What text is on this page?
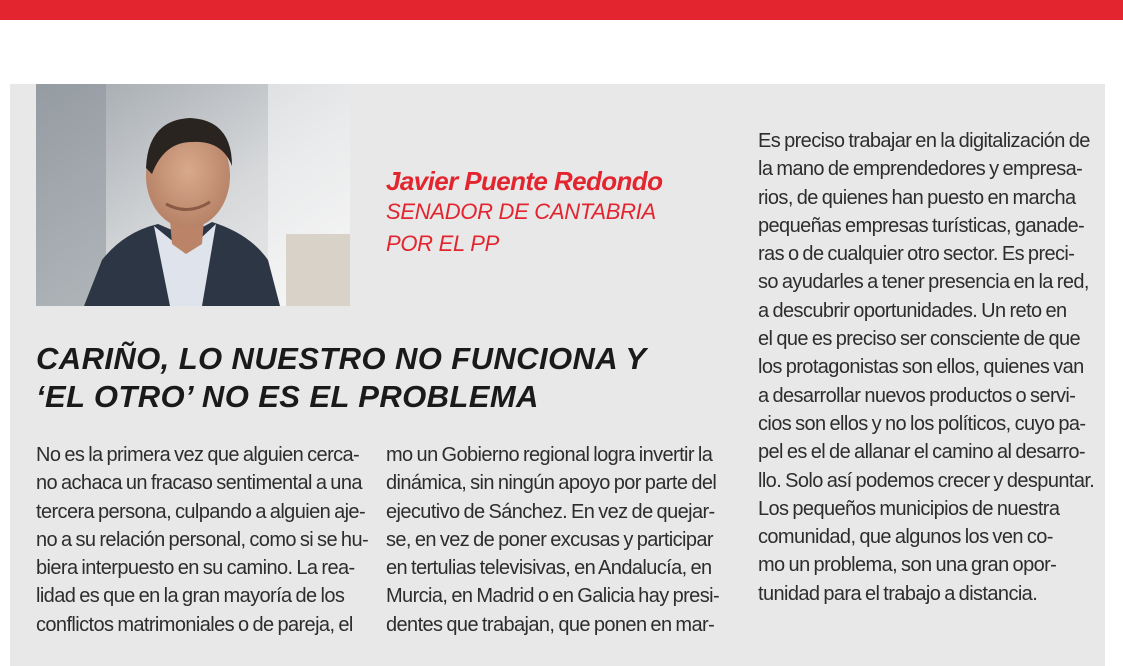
Javier Puente Redondo
SENADOR DE CANTABRIA
POR EL PP
CARIÑO, LO NUESTRO NO FUNCIONA Y
‘EL OTRO’ NO ES EL PROBLEMA
No es la primera vez que alguien cerca-
no achaca un fracaso sentimental a una
tercera persona, culpando a alguien aje-
no a su relación personal, como si se hu-
biera interpuesto en su camino. La rea-
lidad es que en la gran mayoría de los
conflictos matrimoniales o de pareja, el
mo un Gobierno regional logra invertir la
dinámica, sin ningún apoyo por parte del
ejecutivo de Sánchez. En vez de quejar-
se, en vez de poner excusas y participar
en tertulias televisivas, en Andalucía, en
Murcia, en Madrid o en Galicia hay presi-
dentes que trabajan, que ponen en mar-
Es preciso trabajar en la digitalización de
la mano de emprendedores y empresa-
rios, de quienes han puesto en marcha
pequeñas empresas turísticas, ganade-
ras o de cualquier otro sector. Es preci-
so ayudarles a tener presencia en la red,
a descubrir oportunidades. Un reto en
el que es preciso ser consciente de que
los protagonistas son ellos, quienes van
a desarrollar nuevos productos o servi-
cios son ellos y no los políticos, cuyo pa-
pel es el de allanar el camino al desarro-
llo. Solo así podemos crecer y despuntar.
Los pequeños municipios de nuestra
comunidad, que algunos los ven co-
mo un problema, son una gran opor-
tunidad para el trabajo a distancia.
